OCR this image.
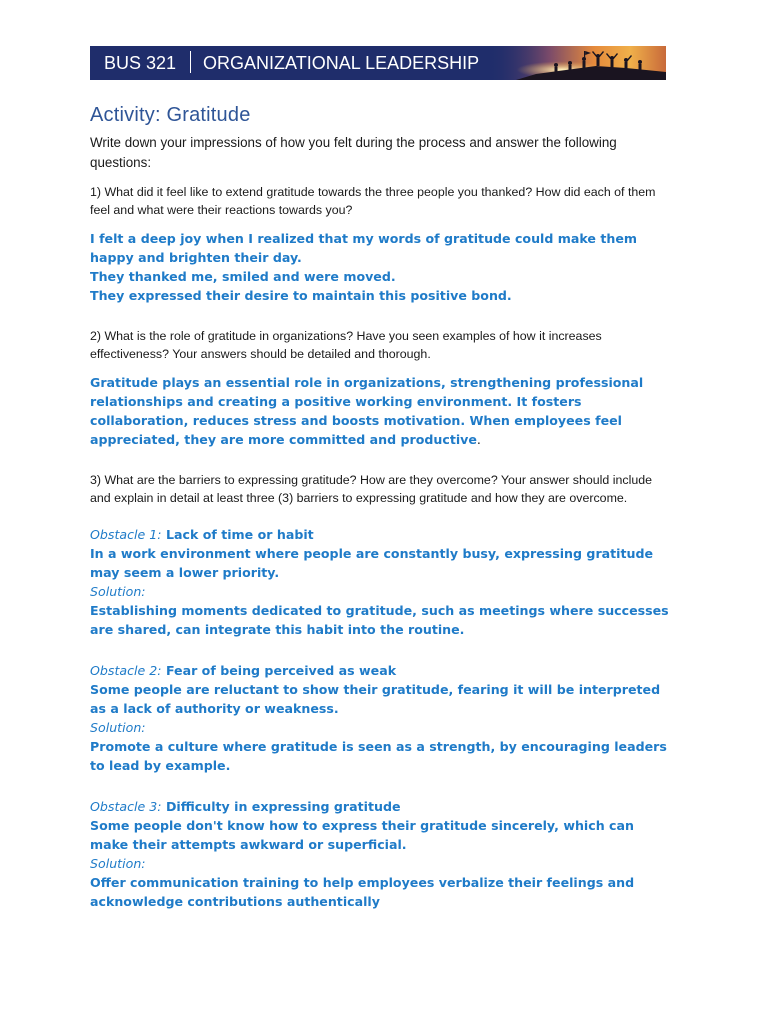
BUS 321 ORGANIZATIONAL LEADERSHIP
Activity: Gratitude

Write down your impressions of how you felt during the process and answer the following questions:

1) What did it feel like to extend gratitude towards the three people you thanked? How did each of them feel and what were their reactions towards you?

I felt a deep joy when I realized that my words of gratitude could make them happy and brighten their day.

They thanked me, smiled and were moved.

They expressed their desire to maintain this positive bond.

2) What is the role of gratitude in organizations? Have you seen examples of how it increases effectiveness? Your answers should be detailed and thorough.

Gratitude plays an essential role in organizations, strengthening professional relationships and creating a positive working environment. It fosters collaboration, reduces stress and boosts motivation. When employees feel appreciated, they are more committed and productive.

3) What are the barriers to expressing gratitude? How are they overcome? Your answer should include and explain in detail at least three (3) barriers to expressing gratitude and how they are overcome.

Obstacle 1: Lack of time or habit

In a work environment where people are constantly busy, expressing gratitude may seem a lower priority.

Solution:

Establishing moments dedicated to gratitude, such as meetings where successes are shared, can integrate this habit into the routine.

Obstacle 2: Fear of being perceived as weak

Some people are reluctant to show their gratitude, fearing it will be interpreted as a lack of authority or weakness.

Solution:

Promote a culture where gratitude is seen as a strength, by encouraging leaders to lead by example.

Obstacle 3: Difficulty in expressing gratitude

Some people don't know how to express their gratitude sincerely, which can make their attempts awkward or superficial.

Solution:

Offer communication training to help employees verbalize their feelings and acknowledge contributions authentically
